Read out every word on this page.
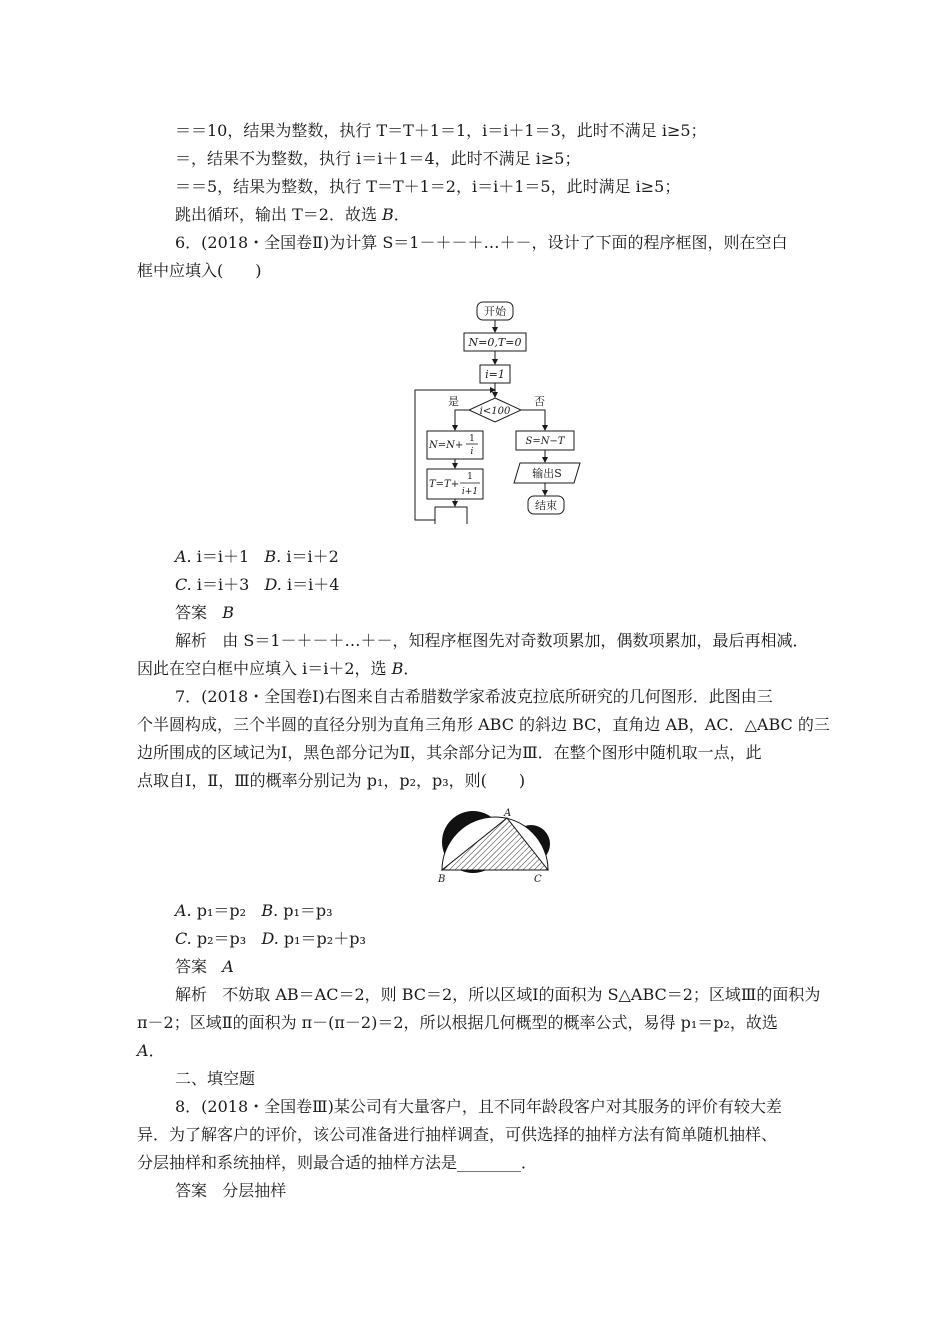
＝＝10，结果为整数，执行 T＝T＋1＝1，i＝i＋1＝3，此时不满足 i≥5；
＝，结果不为整数，执行 i＝i＋1＝4，此时不满足 i≥5；
＝＝5，结果为整数，执行 T＝T＋1＝2，i＝i＋1＝5，此时满足 i≥5；
跳出循环，输出 T＝2．故选 B．
6．(2018・全国卷Ⅱ)为计算 S＝1－＋－＋…＋－，设计了下面的程序框图，则在空白
框中应填入(　　)
开始
N=0,T=0
i=1
i<100
是	否
N=N+
1
i
T=T+
1
i+1
S=N−T
输出S
结束
A. i＝i＋1 B. i＝i＋2
C. i＝i＋3 D. i＝i＋4
答案 B
解析 由 S＝1－＋－＋…＋－，知程序框图先对奇数项累加，偶数项累加，最后再相减．
因此在空白框中应填入 i＝i＋2，选 B．
7．(2018・全国卷Ⅰ)右图来自古希腊数学家希波克拉底所研究的几何图形．此图由三
个半圆构成，三个半圆的直径分别为直角三角形 ABC 的斜边 BC，直角边 AB，AC．△ABC 的三
边所围成的区域记为Ⅰ，黑色部分记为Ⅱ，其余部分记为Ⅲ．在整个图形中随机取一点，此
点取自Ⅰ，Ⅱ，Ⅲ的概率分别记为 p₁，p₂，p₃，则(　　)
A
B	C
A. p₁＝p₂ B. p₁＝p₃
C. p₂＝p₃ D. p₁＝p₂＋p₃
答案 A
解析 不妨取 AB＝AC＝2，则 BC＝2，所以区域Ⅰ的面积为 S△ABC＝2；区域Ⅲ的面积为
π－2；区域Ⅱ的面积为 π－(π－2)＝2，所以根据几何概型的概率公式，易得 p₁＝p₂，故选
A．
二、填空题
8．(2018・全国卷Ⅲ)某公司有大量客户，且不同年龄段客户对其服务的评价有较大差
异．为了解客户的评价，该公司准备进行抽样调查，可供选择的抽样方法有简单随机抽样、
分层抽样和系统抽样，则最合适的抽样方法是________．
答案 分层抽样
